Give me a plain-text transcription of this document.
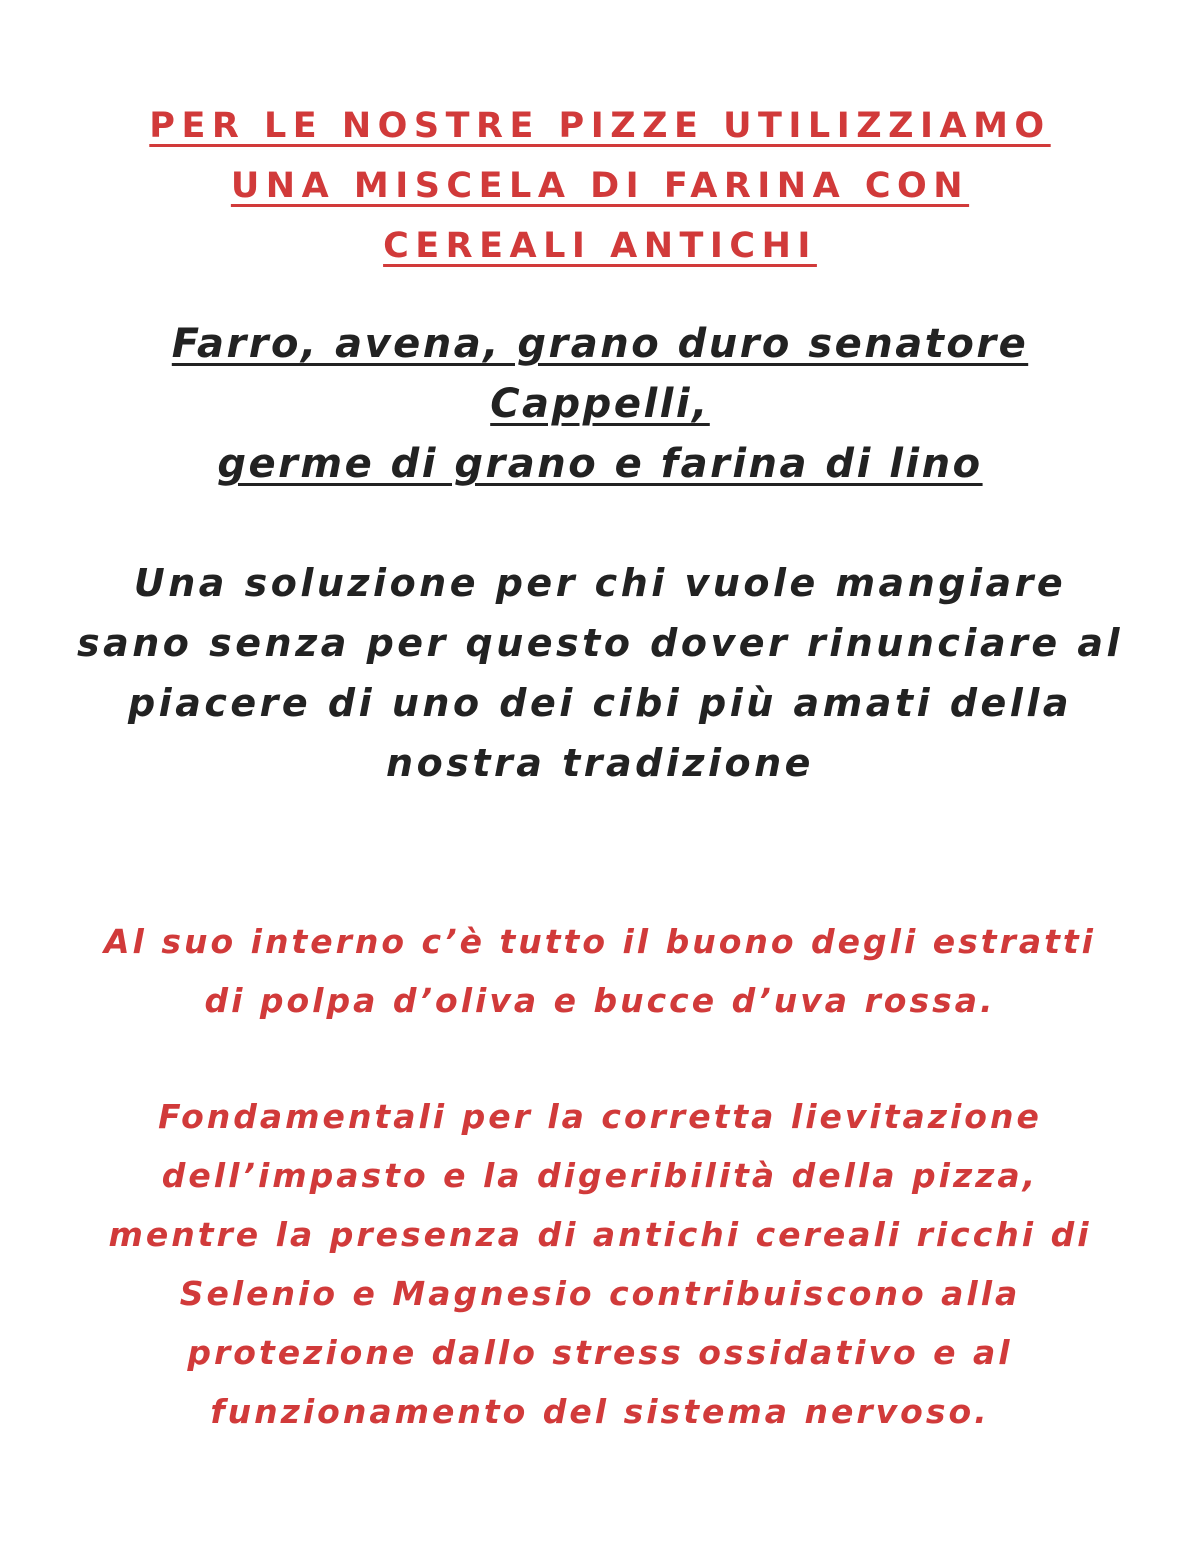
PER LE NOSTRE PIZZE UTILIZZIAMO
UNA MISCELA DI FARINA CON
CEREALI ANTICHI

Farro, avena, grano duro senatore
Cappelli,
germe di grano e farina di lino

Una soluzione per chi vuole mangiare
sano senza per questo dover rinunciare al
piacere di uno dei cibi più amati della
nostra tradizione

Al suo interno c’è tutto il buono degli estratti
di polpa d’oliva e bucce d’uva rossa.

Fondamentali per la corretta lievitazione
dell’impasto e la digeribilità della pizza,
mentre la presenza di antichi cereali ricchi di
Selenio e Magnesio contribuiscono alla
protezione dallo stress ossidativo e al
funzionamento del sistema nervoso.
